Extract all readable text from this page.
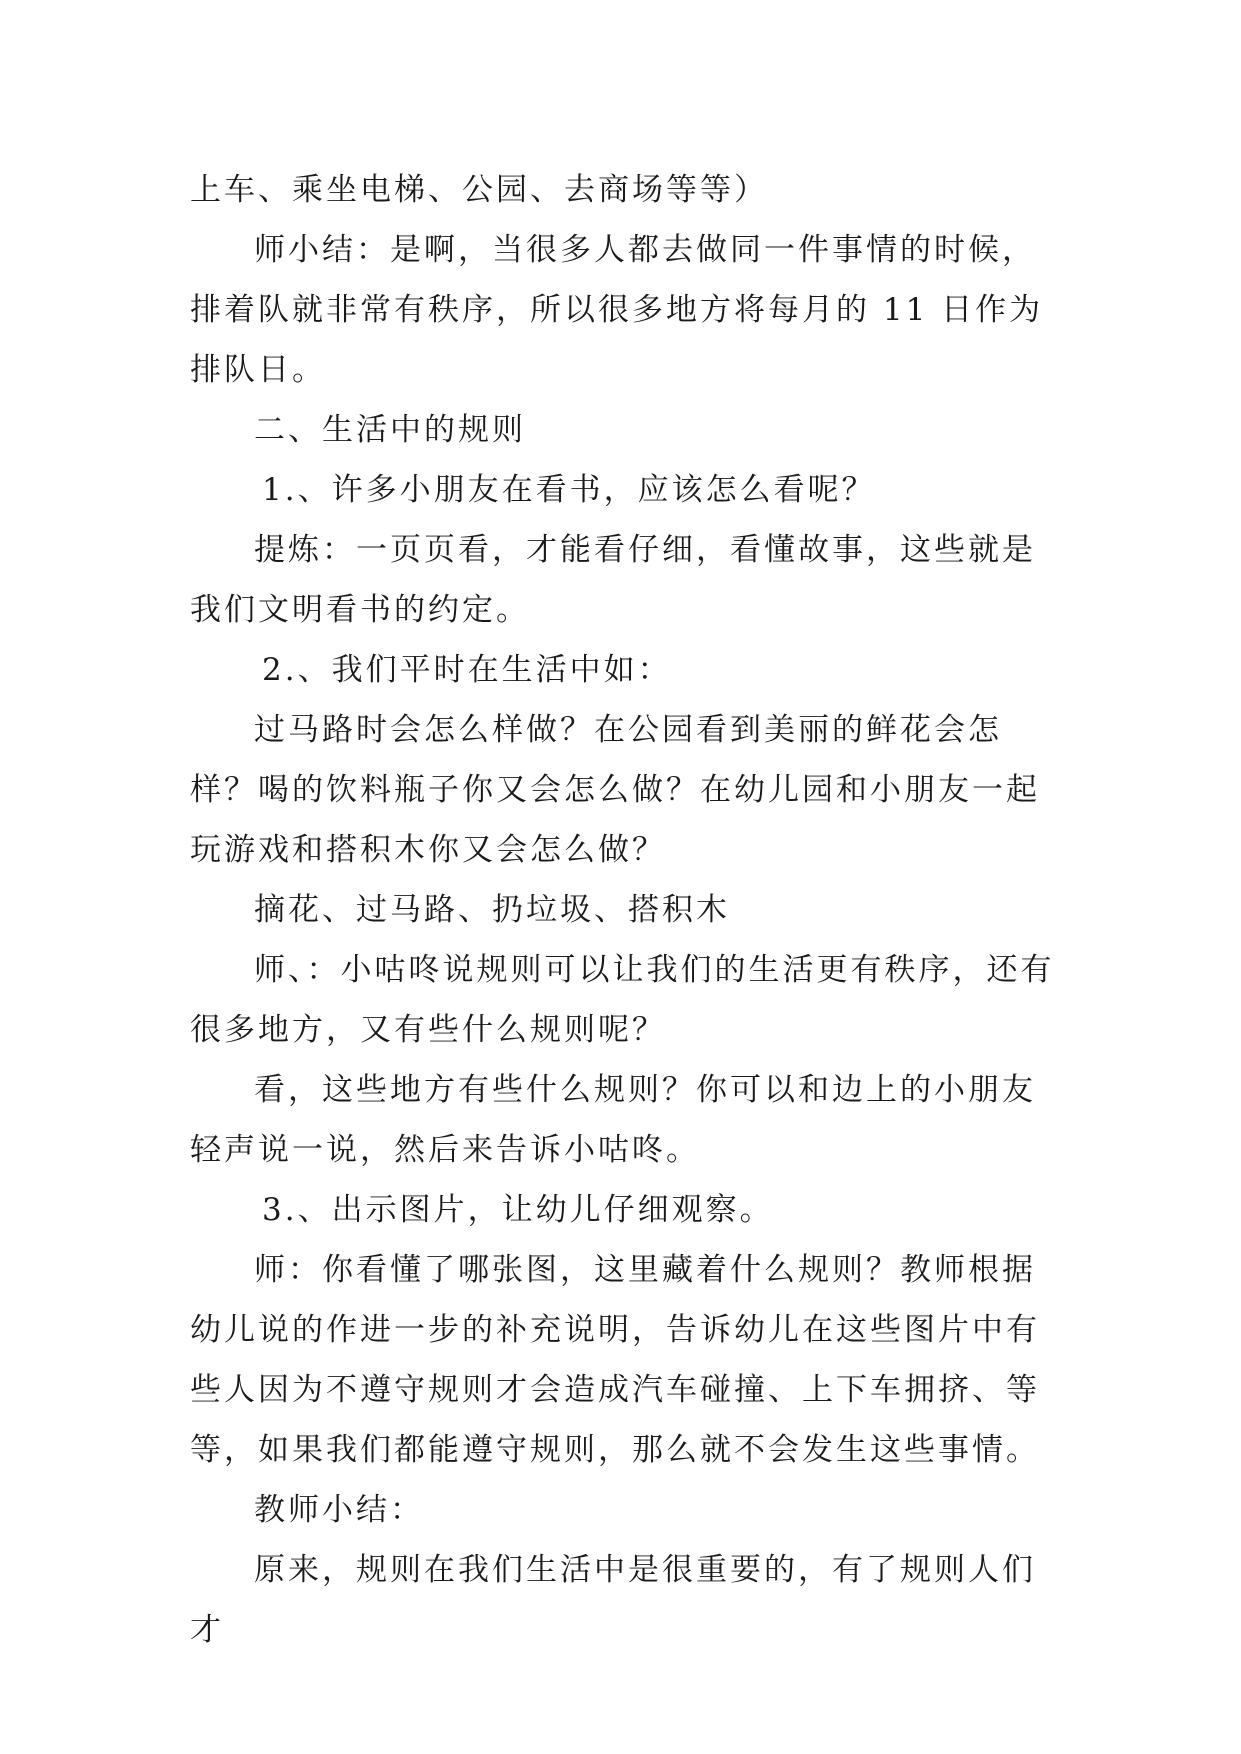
上车、乘坐电梯、公园、去商场等等）

师小结：是啊，当很多人都去做同一件事情的时候，排着队就非常有秩序，所以很多地方将每月的 11 日作为排队日。

二、生活中的规则

1.、许多小朋友在看书，应该怎么看呢？

提炼：一页页看，才能看仔细，看懂故事，这些就是我们文明看书的约定。

2.、我们平时在生活中如：

过马路时会怎么样做？在公园看到美丽的鲜花会怎样？喝的饮料瓶子你又会怎么做？在幼儿园和小朋友一起玩游戏和搭积木你又会怎么做？

摘花、过马路、扔垃圾、搭积木

师、：小咕咚说规则可以让我们的生活更有秩序，还有很多地方，又有些什么规则呢？

看，这些地方有些什么规则？你可以和边上的小朋友轻声说一说，然后来告诉小咕咚。

3.、出示图片，让幼儿仔细观察。

师：你看懂了哪张图，这里藏着什么规则？教师根据幼儿说的作进一步的补充说明，告诉幼儿在这些图片中有些人因为不遵守规则才会造成汽车碰撞、上下车拥挤、等等，如果我们都能遵守规则，那么就不会发生这些事情。

教师小结：

原来，规则在我们生活中是很重要的，有了规则人们才
